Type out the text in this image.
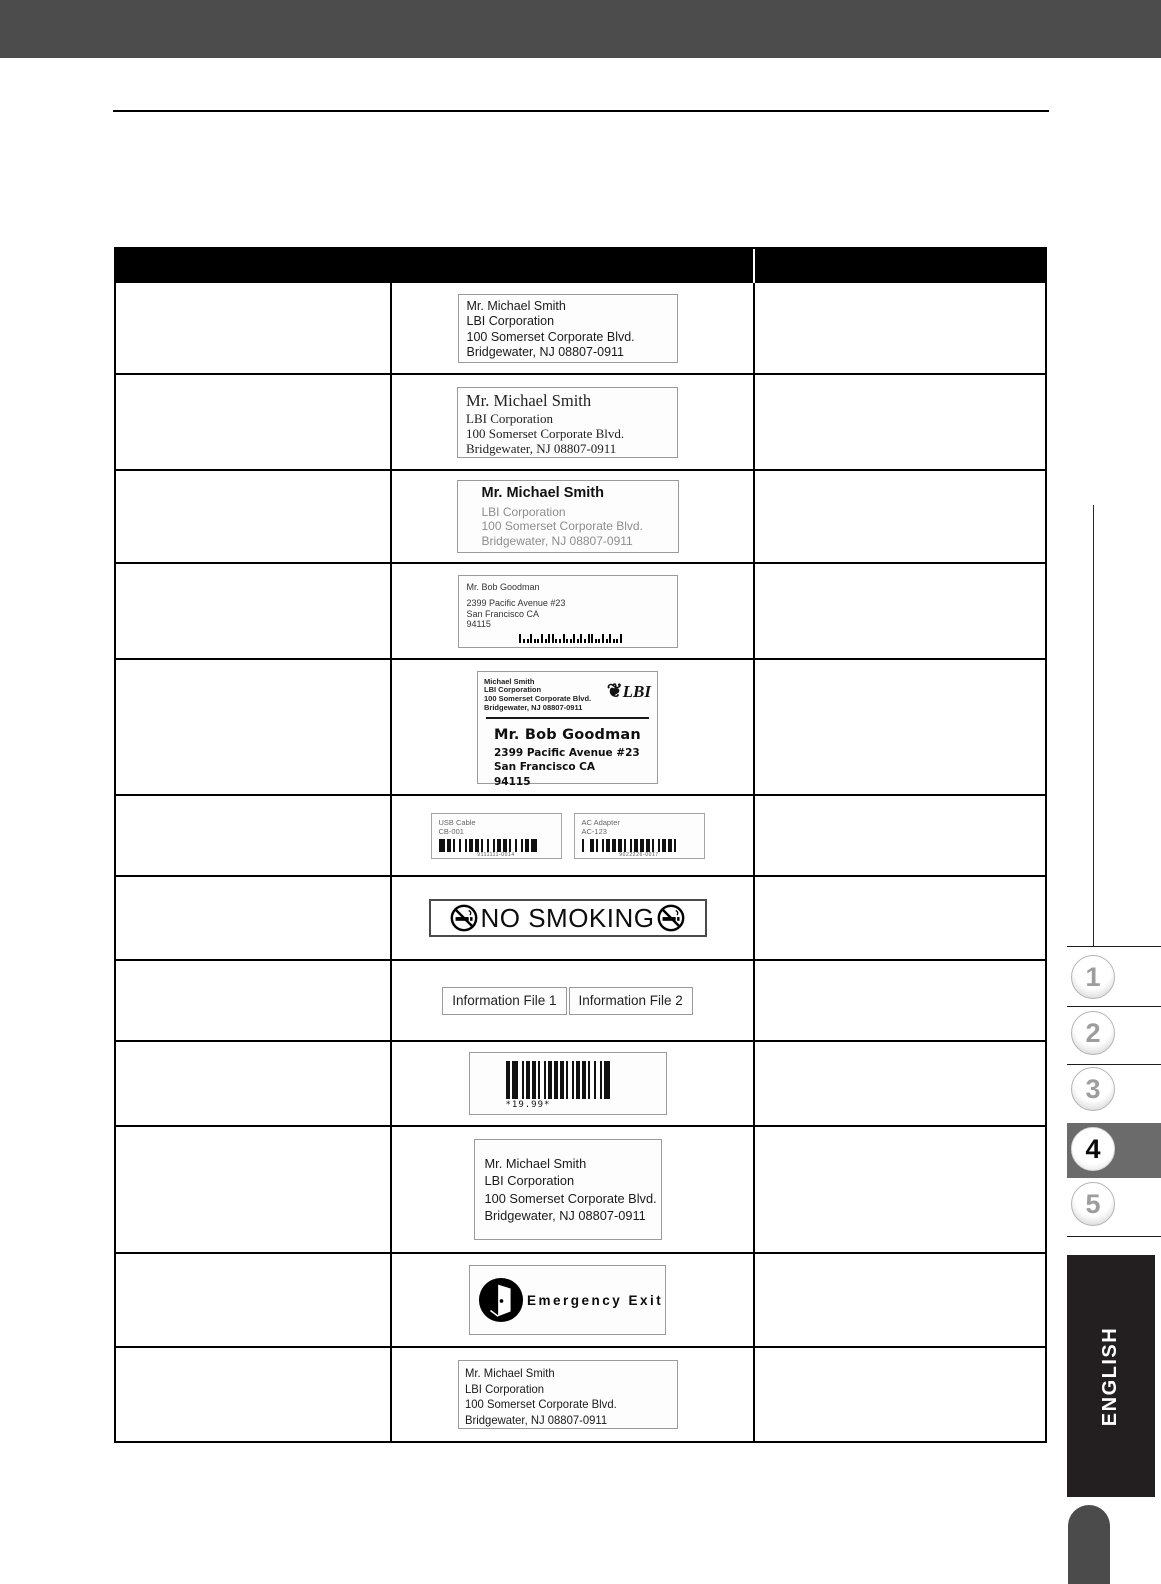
Mr. Michael Smith
LBI Corporation
100 Somerset Corporate Blvd.
Bridgewater, NJ 08807-0911
Mr. Michael Smith
LBI Corporation
100 Somerset Corporate Blvd.
Bridgewater, NJ 08807-0911
Mr. Michael Smith
LBI Corporation
100 Somerset Corporate Blvd.
Bridgewater, NJ 08807-0911
Mr. Bob Goodman
2399 Pacific Avenue #23
San Francisco CA
94115
Michael Smith
LBI Corporation
100 Somerset Corporate Blvd.
Bridgewater, NJ 08807-0911
❦LBI
Mr. Bob Goodman
2399 Pacific Avenue #23
San Francisco CA
94115
USB Cable
CB-001
9111111-0014
AC Adapter
AC-123
9022226-0017
NO SMOKING
Information File 1	Information File 2
*19.99*
Mr. Michael Smith
LBI Corporation
100 Somerset Corporate Blvd.
Bridgewater, NJ 08807-0911
Emergency Exit
Mr. Michael Smith
LBI Corporation
100 Somerset Corporate Blvd.
Bridgewater, NJ 08807-0911
1
2
3
4
5
ENGLISH
